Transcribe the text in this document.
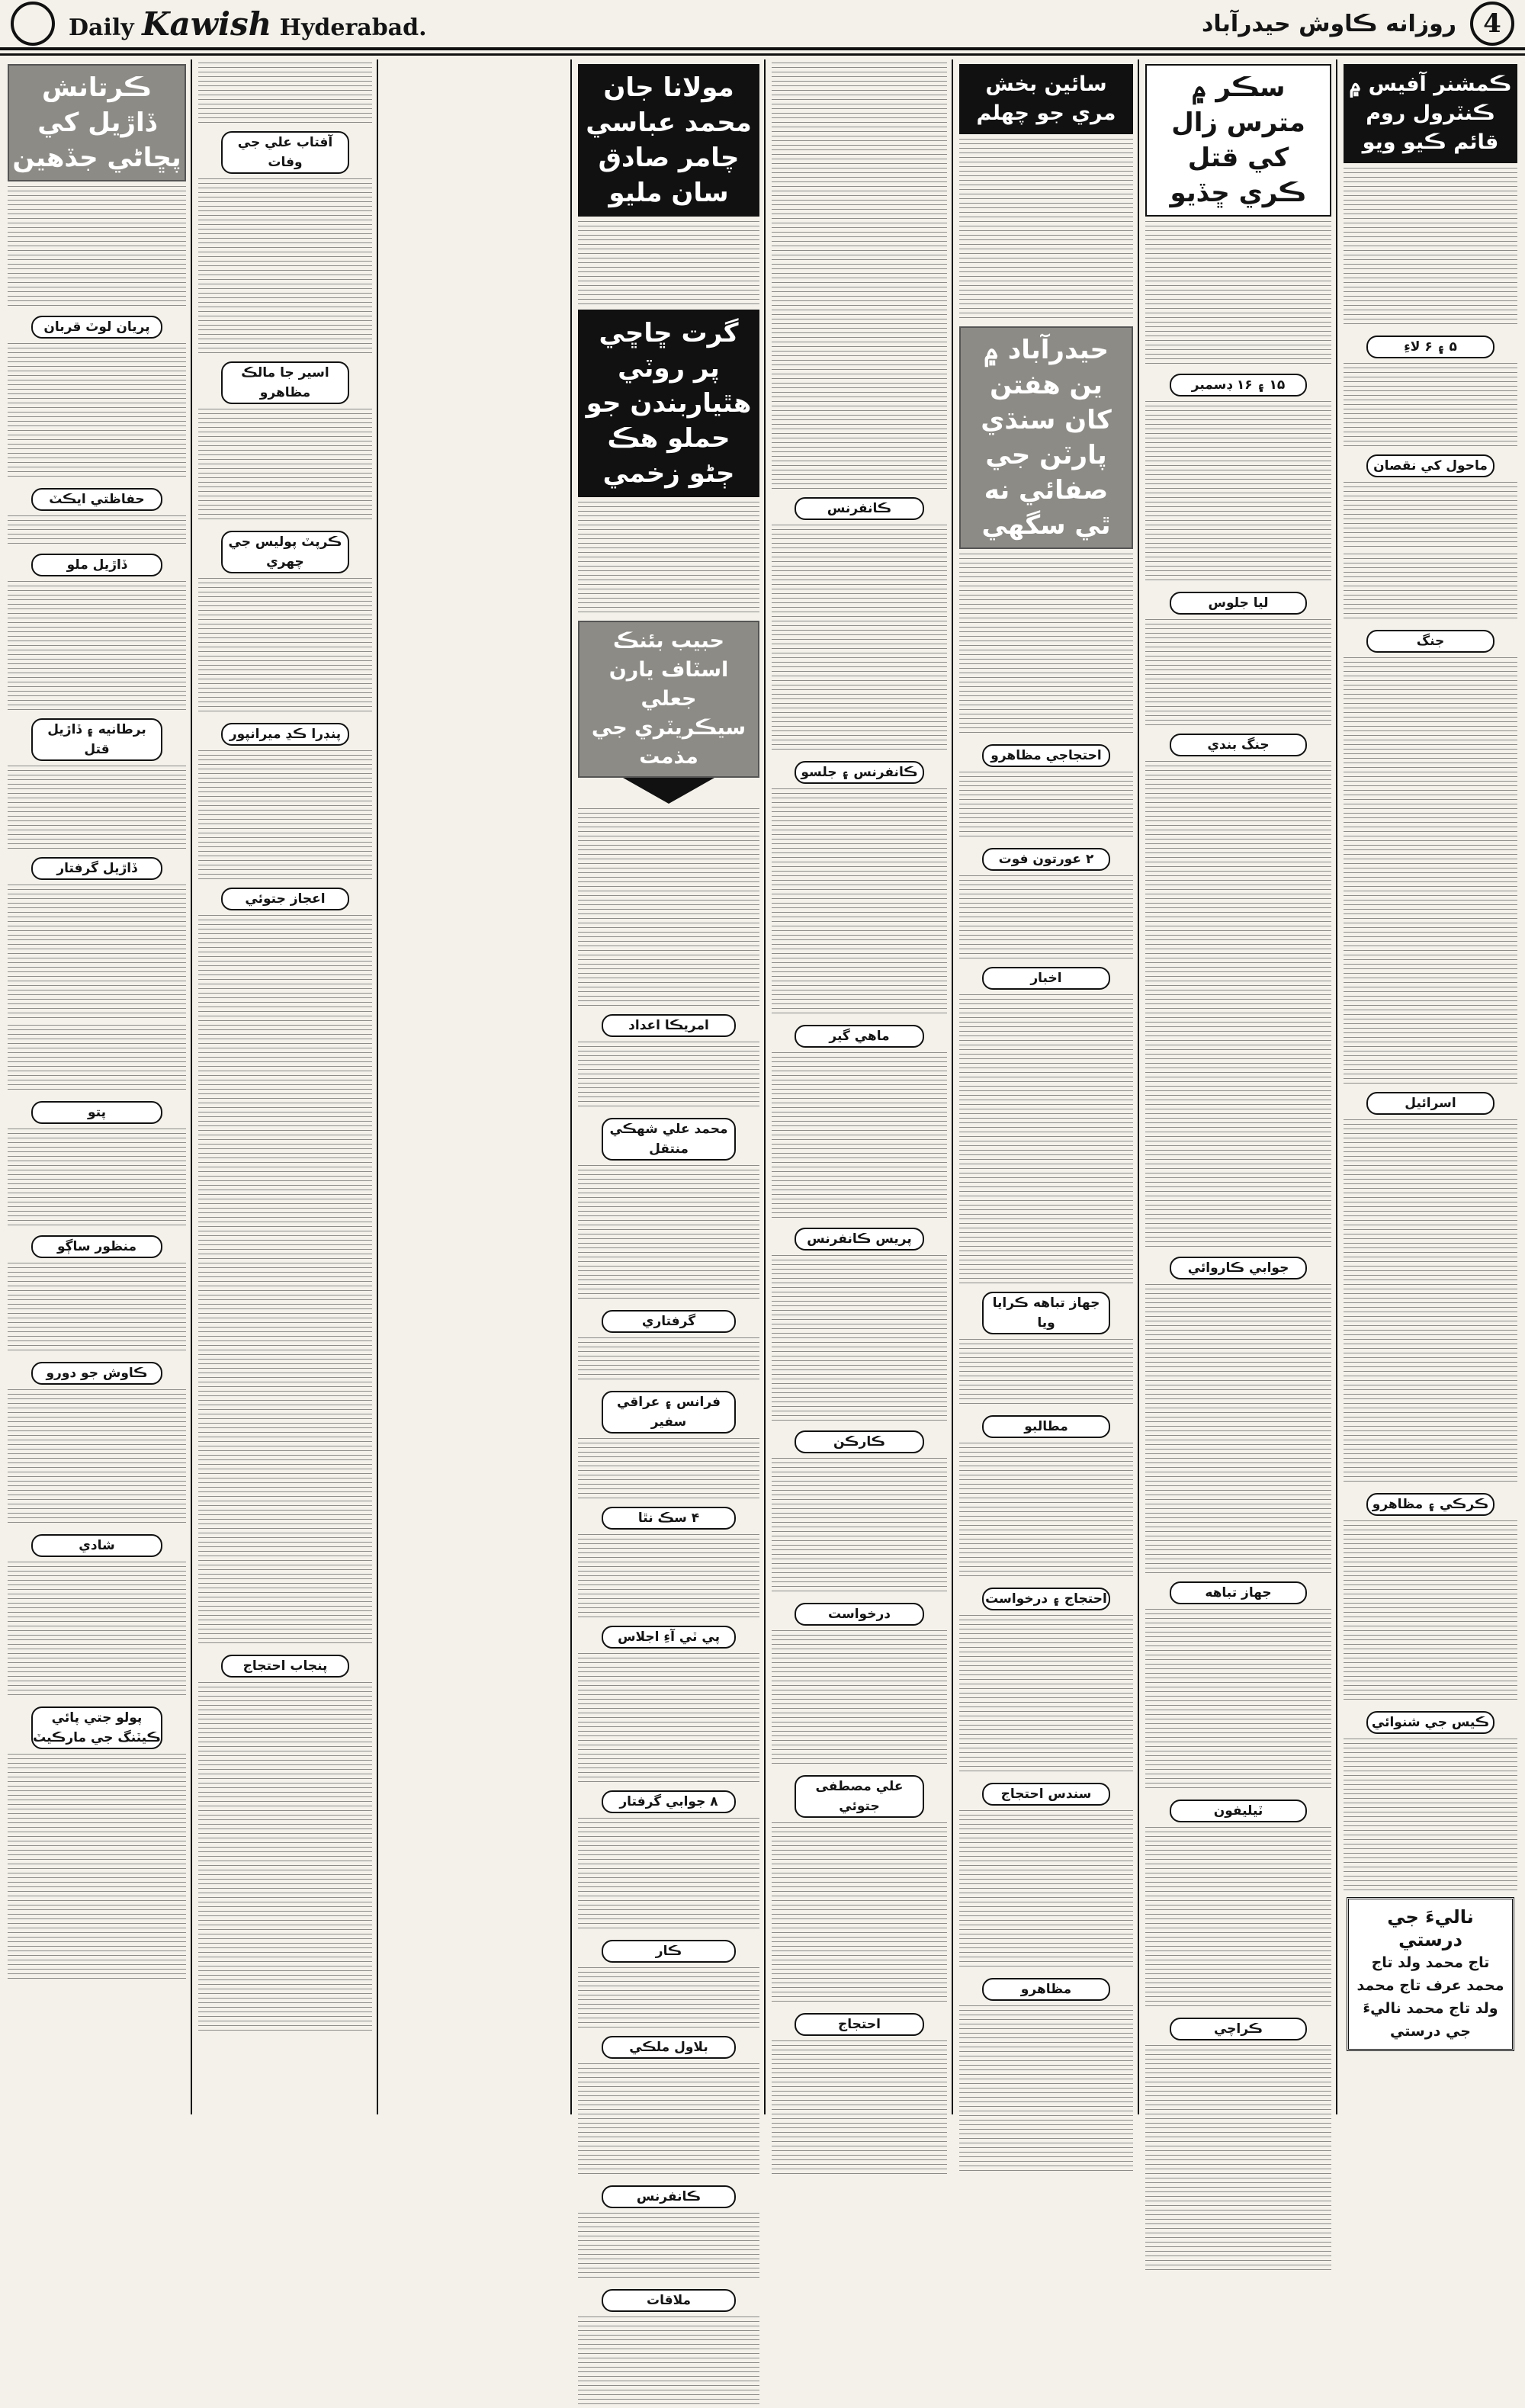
Daily Kawish Hyderabad.	روزانه ڪاوش حيدرآباد	4
ڪمشنر آفيس ۾ ڪنٽرول روم قائم ڪيو ويو
۵ ۽ ۶ لاءِ
ماحول کي نقصان
جنگ
اسرائيل
ڪرڪي ۽ مظاهرو
ڪيس جي شنوائي
ناليءَ جي درستي
تاج محمد ولد تاج محمد عرف تاج محمد ولد تاج محمد ناليءَ جي درستي
سڪر ۾ مترس زال کي قتل ڪري ڇڏيو
۱۵ ۽ ۱۶ ڊسمبر
ليا جلوس
جنگ بندي
جوابي ڪاروائي
جهاز تباهه
ٽيليفون
ڪراچي
سائين بخش مري جو چهلم
حيدرآباد ۾ ين هفتن کان سنڌي پارٽن جي صفائي نه ٿي سگهي
احتجاجي مظاهرو
۲ عورتون فوت
اخبار
جهاز تباهه ڪرايا ويا
مطالبو
احتجاج ۽ درخواست
سندس احتجاج
مظاهرو
ڪانفرنس
ڪانفرنس ۽ جلسو
ماهي گير
پريس ڪانفرنس
ڪارڪن
درخواست
علي مصطفى جتوئي
احتجاج
مولانا جان محمد عباسي چامر صادق سان مليو
گرت ڇاڇي پر روٽي هٿياربندن جو حملو هڪ ڄڻو زخمي
حبيب بئنڪ اسٽاف يارن جعلي سيڪريٽري جي مذمت
امريڪا اعداد
محمد علي شهڪي منتقل
گرفتاري
فرانس ۽ عراقي سفير
۴ سڪ نٿا
پي ٽي آءِ اجلاس
۸ جوابي گرفتار
ڪار
بلاول ملڪي
ڪانفرنس
ملاقات
آفتاب علي جي وفات
اسير جا مالڪ مظاهرو
ڪرپٽ پوليس جي چهري
پنڊرا ڪڍ ميرانپور
اعجاز جتوئي
پنجاب احتجاج
ڪرتانش ڏاڙيل کي پڇاڻي جڏهين
پريان لوٽ قربان
حفاظتي ايڪٽ
ڏاڙيل ملو
برطانيه ۽ ڏاڙيل قتل
ڏاڙيل گرفتار
پتو
منظور ساڳو
ڪاوش جو دورو
شادي
پولو جتي پائي ڪيٽنگ جي مارڪيٽ
